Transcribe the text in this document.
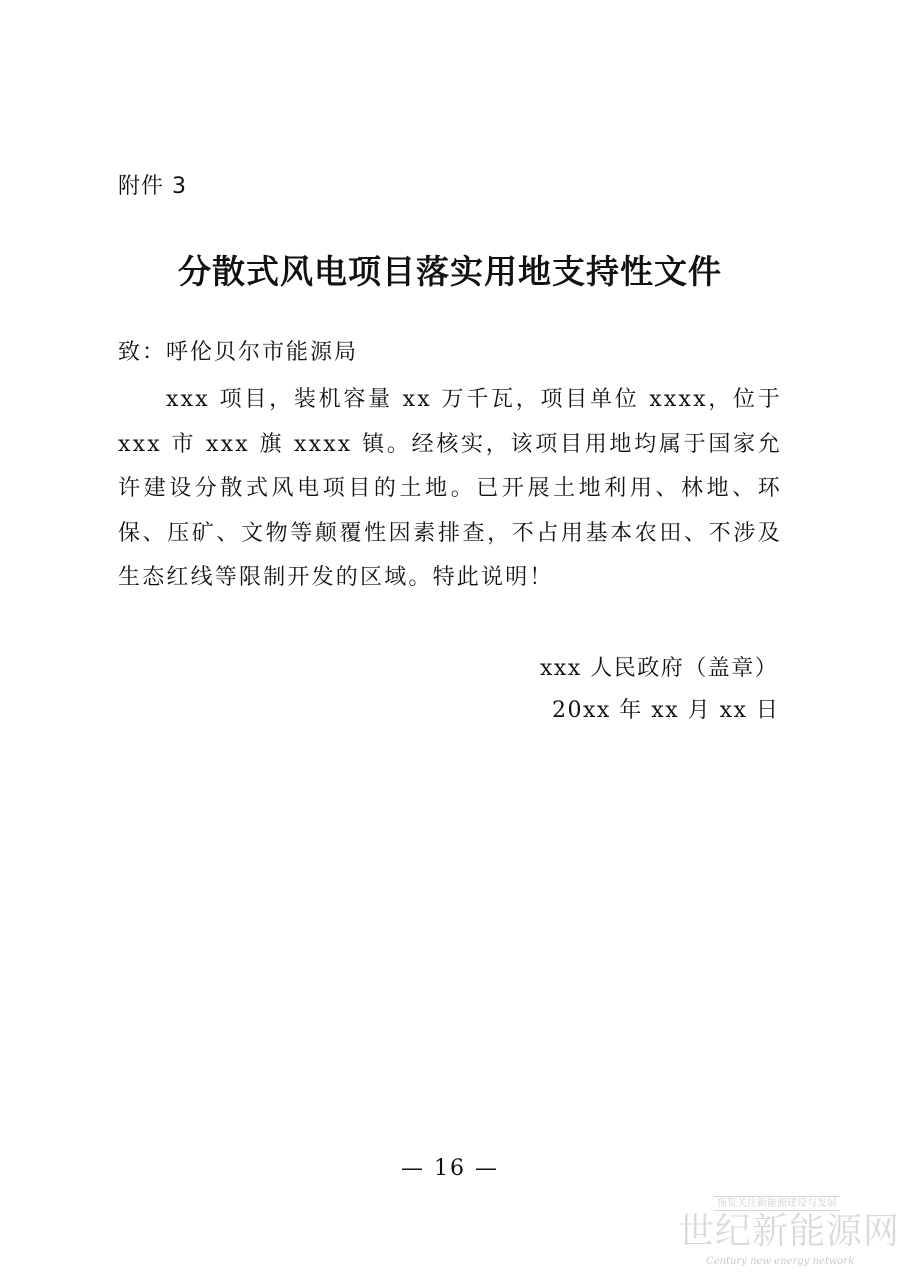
附件 3
分散式风电项目落实用地支持性文件
致：呼伦贝尔市能源局

xxx 项目，装机容量 xx 万千瓦，项目单位 xxxx，位于 xxx 市 xxx 旗 xxxx 镇。经核实，该项目用地均属于国家允许建设分散式风电项目的土地。已开展土地利用、林地、环保、压矿、文物等颠覆性因素排查，不占用基本农田、不涉及生态红线等限制开发的区域。特此说明！

xxx 人民政府（盖章）
20xx 年 xx 月 xx 日
— 16 —
预览关注新能源建设与发展
世纪新能源网
Century new energy network
